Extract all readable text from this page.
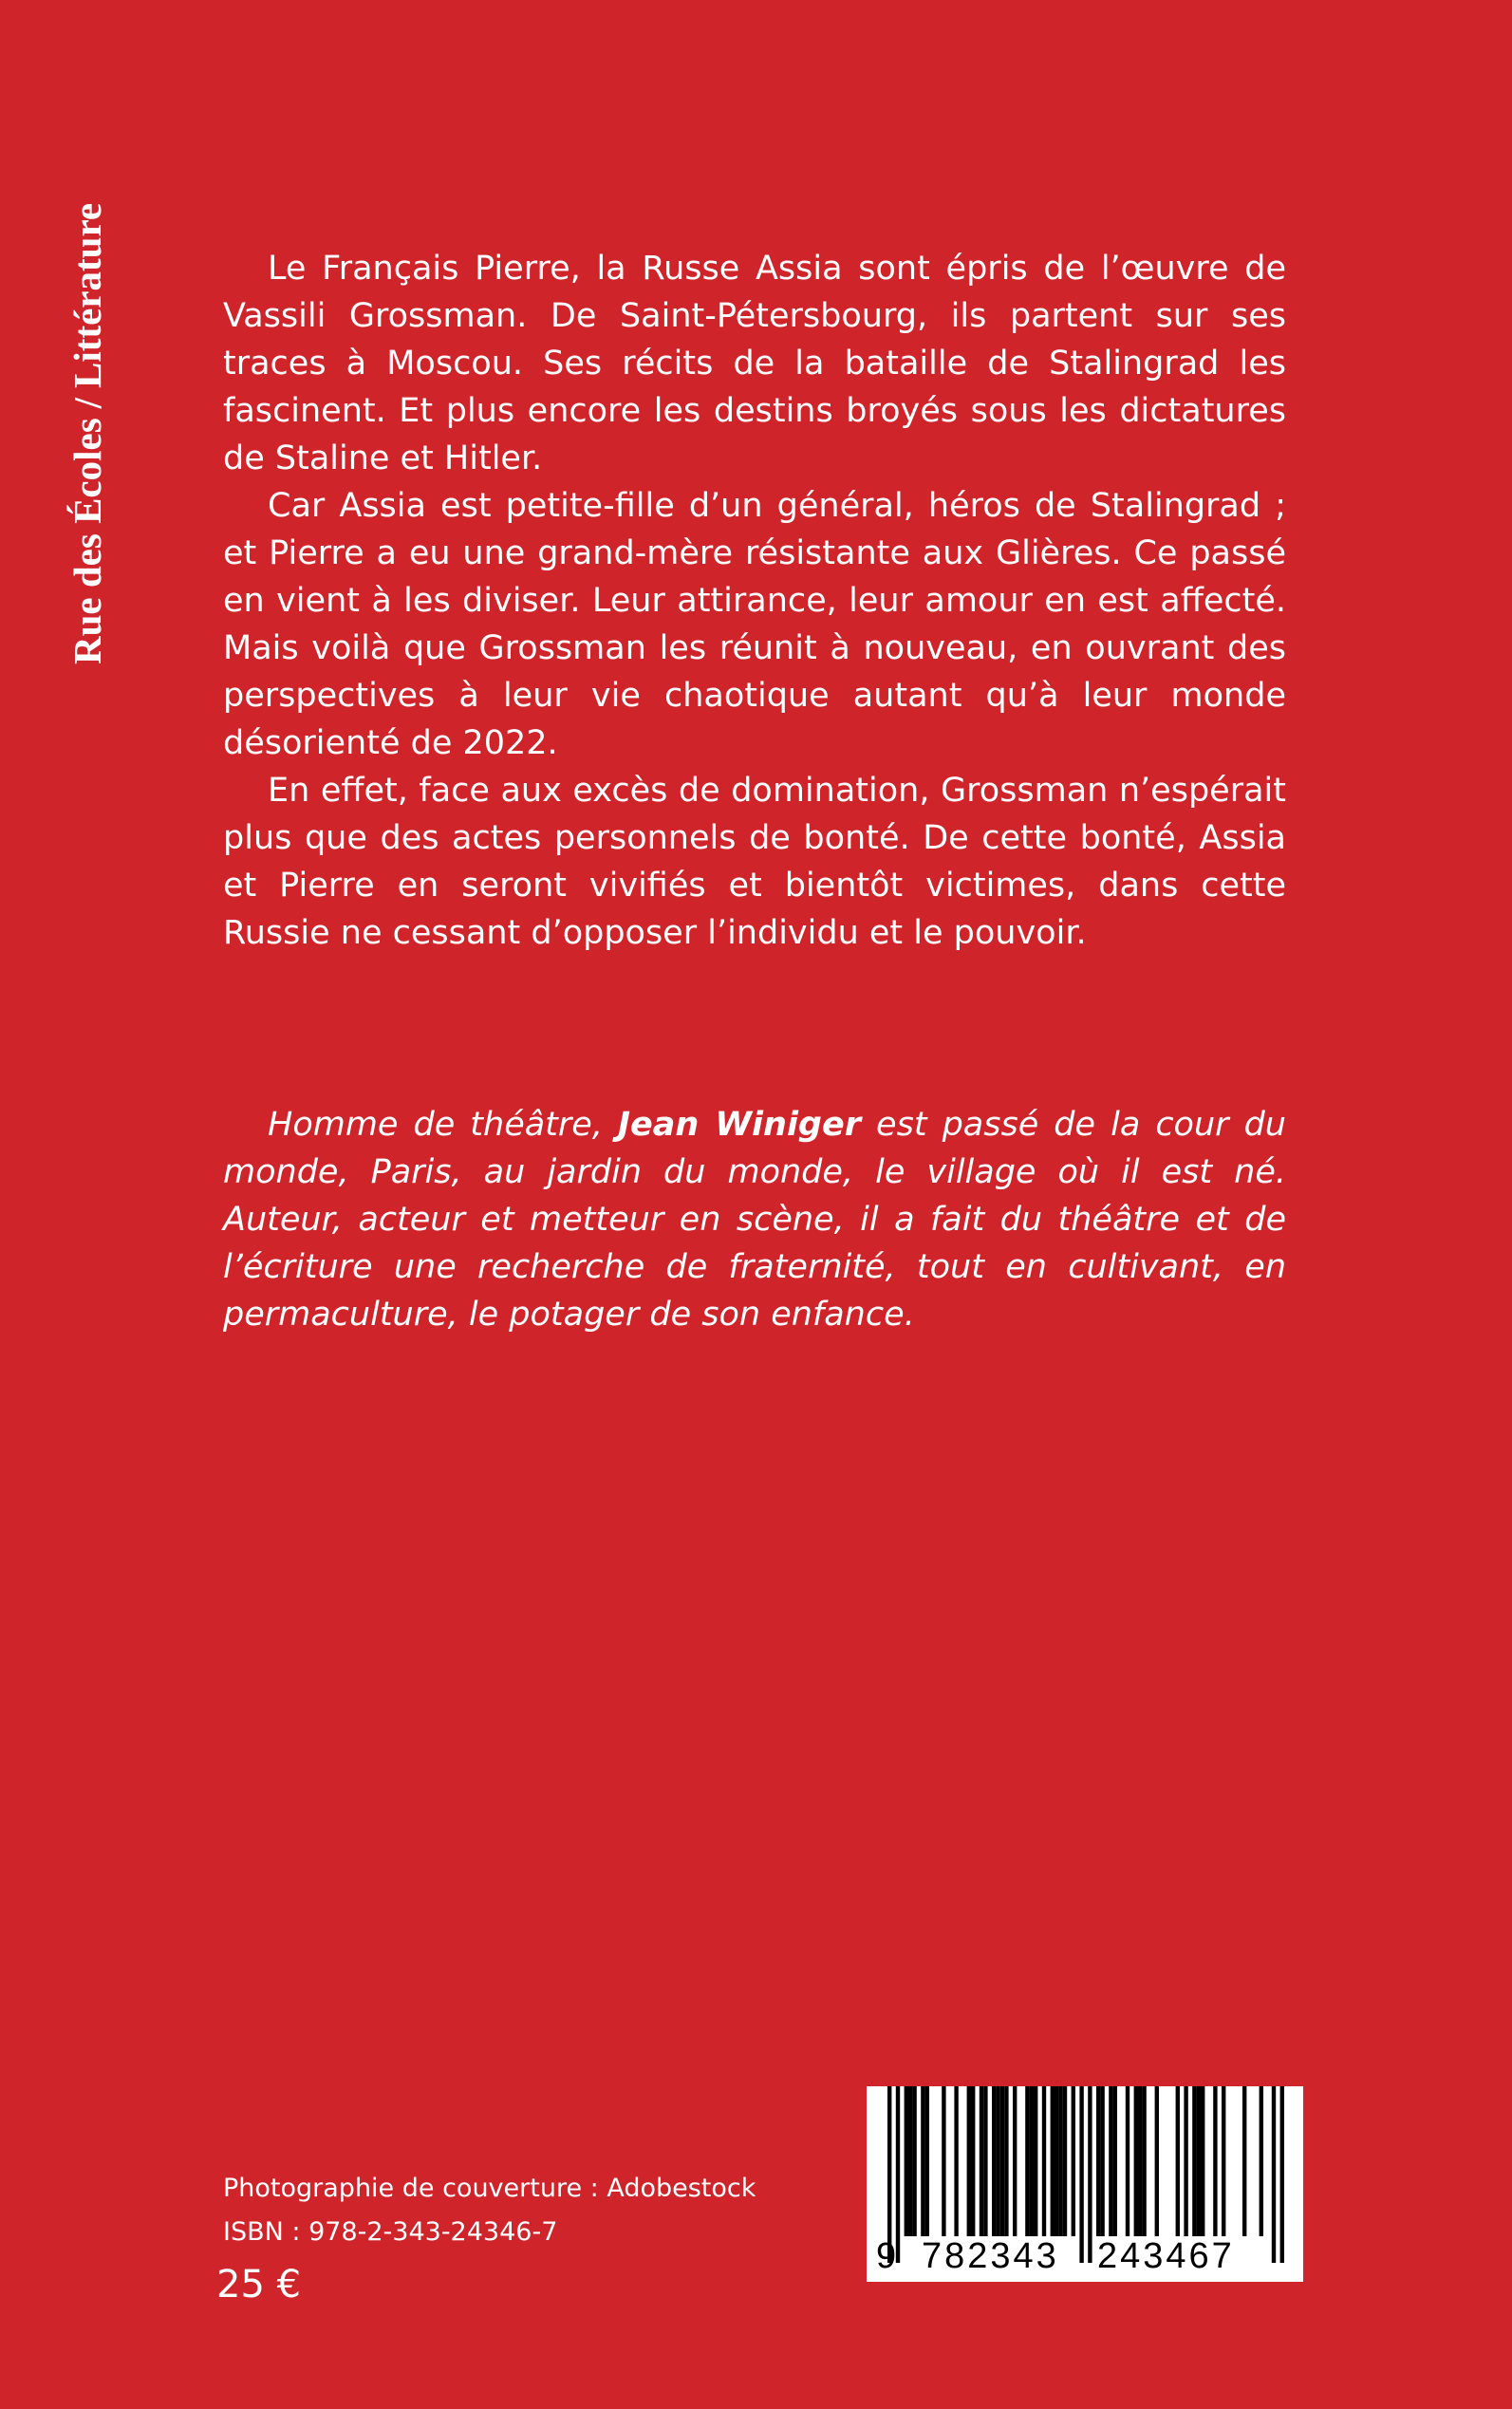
Rue des Écoles
/
Littérature	Le Français Pierre, la Russe Assia sont épris de l’œuvre de Vassili Grossman. De Saint-Pétersbourg, ils partent sur ses traces à Moscou. Ses récits de la bataille de Stalingrad les fascinent. Et plus encore les destins broyés sous les dictatures de Staline et Hitler.

Car Assia est petite-fille d’un général, héros de Stalingrad ; et Pierre a eu une grand-mère résistante aux Glières. Ce passé en vient à les diviser. Leur attirance, leur amour en est affecté. Mais voilà que Grossman les réunit à nouveau, en ouvrant des perspectives à leur vie chaotique autant qu’à leur monde désorienté de 2022.

En effet, face aux excès de domination, Grossman n’espérait plus que des actes personnels de bonté. De cette bonté, Assia et Pierre en seront vivifiés et bientôt victimes, dans cette Russie ne cessant d’opposer l’individu et le pouvoir.

Homme de théâtre, Jean Winiger est passé de la cour du monde, Paris, au jardin du monde, le village où il est né. Auteur, acteur et metteur en scène, il a fait du théâtre et de l’écriture une recherche de fraternité, tout en cultivant, en permaculture, le potager de son enfance.

Photographie de couverture : Adobestock
ISBN : 978-2-343-24346-7
25 €
9 782343 243467
